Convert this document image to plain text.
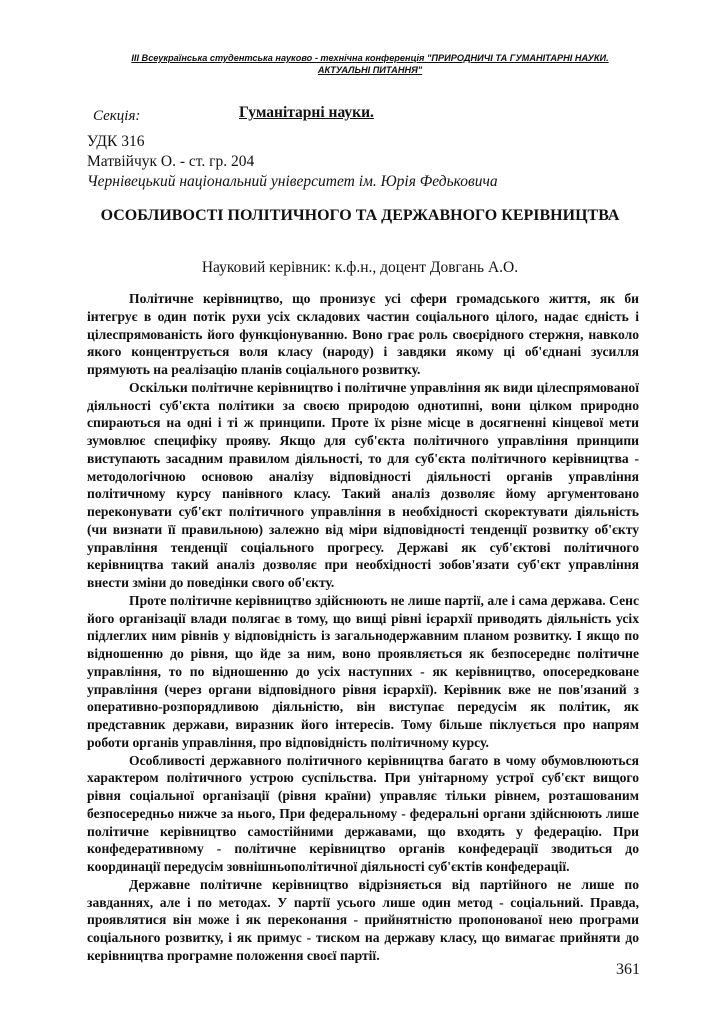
ІІІ Всеукраїнська студентська науково - технічна конференція "ПРИРОДНИЧІ ТА ГУМАНІТАРНІ НАУКИ.
АКТУАЛЬНІ ПИТАННЯ"
Секція:	Гуманітарні науки.
УДК 316
Матвійчук О. - ст. гр. 204
Чернівецький національний університет ім. Юрія Федьковича
ОСОБЛИВОСТІ ПОЛІТИЧНОГО ТА ДЕРЖАВНОГО КЕРІВНИЦТВА
Науковий керівник: к.ф.н., доцент Довгань А.О.

Політичне керівництво, що пронизує усі сфери громадського життя, як би інтегрує в один потік рухи усіх складових частин соціального цілого, надає єдність і цілеспрямованість його функціонуванню. Воно грає роль своєрідного стержня, навколо якого концентрується воля класу (народу) і завдяки якому ці об'єднані зусилля прямують на реалізацію планів соціального розвитку.

Оскільки політичне керівництво і політичне управління як види цілеспрямованої діяльності суб'єкта політики за своєю природою однотипні, вони цілком природно спираються на одні і ті ж принципи. Проте їх різне місце в досягненні кінцевої мети зумовлює специфіку прояву. Якщо для суб'єкта політичного управління принципи виступають засадним правилом діяльності, то для суб'єкта політичного керівництва - методологічною основою аналізу відповідності діяльності органів управління політичному курсу панівного класу. Такий аналіз дозволяє йому аргументовано переконувати суб'єкт політичного управління в необхідності скоректувати діяльність (чи визнати її правильною) залежно від міри відповідності тенденції розвитку об'єкту управління тенденції соціального прогресу. Державі як суб'єктові політичного керівництва такий аналіз дозволяє при необхідності зобов'язати суб'єкт управління внести зміни до поведінки свого об'єкту.

Проте політичне керівництво здійснюють не лише партії, але і сама держава. Сенс його організації влади полягає в тому, що вищі рівні ієрархії приводять діяльність усіх підлеглих ним рівнів у відповідність із загальнодержавним планом розвитку. І якщо по відношенню до рівня, що йде за ним, воно проявляється як безпосереднє політичне управління, то по відношенню до усіх наступних - як керівництво, опосередковане управління (через органи відповідного рівня ієрархії). Керівник вже не пов'язаний з оперативно-розпорядливою діяльністю, він виступає передусім як політик, як представник держави, виразник його інтересів. Тому більше піклується про напрям роботи органів управління, про відповідність політичному курсу.

Особливості державного політичного керівництва багато в чому обумовлюються характером політичного устрою суспільства. При унітарному устрої суб'єкт вищого рівня соціальної організації (рівня країни) управляє тільки рівнем, розташованим безпосередньо нижче за нього, При федеральному - федеральні органи здійснюють лише політичне керівництво самостійними державами, що входять у федерацію. При конфедеративному - політичне керівництво органів конфедерації зводиться до координації передусім зовнішньополітичної діяльності суб'єктів конфедерації.

Державне політичне керівництво відрізняється від партійного не лише по завданнях, але і по методах. У партії усього лише один метод - соціальний. Правда, проявлятися він може і як переконання - прийнятністю пропонованої нею програми соціального розвитку, і як примус - тиском на державу класу, що вимагає прийняти до керівництва програмне положення своєї партії.

361
